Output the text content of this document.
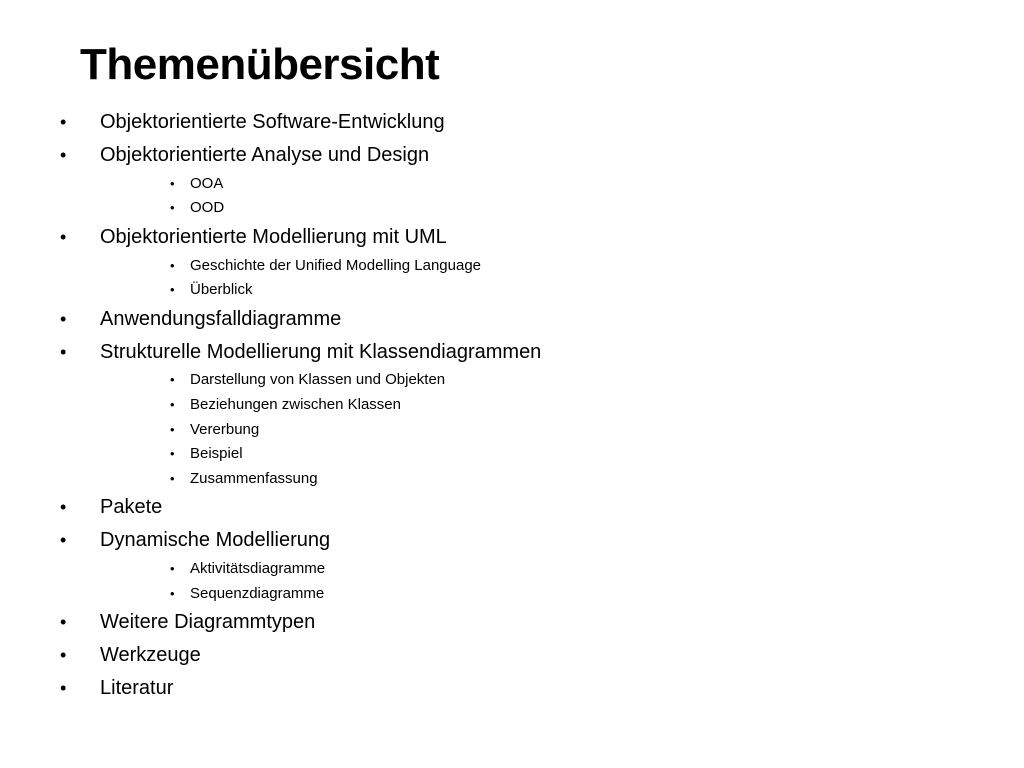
Themenübersicht
• Objektorientierte Software-Entwicklung
• Objektorientierte Analyse und Design
• OOA
• OOD
• Objektorientierte Modellierung mit UML
• Geschichte der Unified Modelling Language
• Überblick
• Anwendungsfalldiagramme
• Strukturelle Modellierung mit Klassendiagrammen
• Darstellung von Klassen und Objekten
• Beziehungen zwischen Klassen
• Vererbung
• Beispiel
• Zusammenfassung
• Pakete
• Dynamische Modellierung
• Aktivitätsdiagramme
• Sequenzdiagramme
• Weitere Diagrammtypen
• Werkzeuge
• Literatur
